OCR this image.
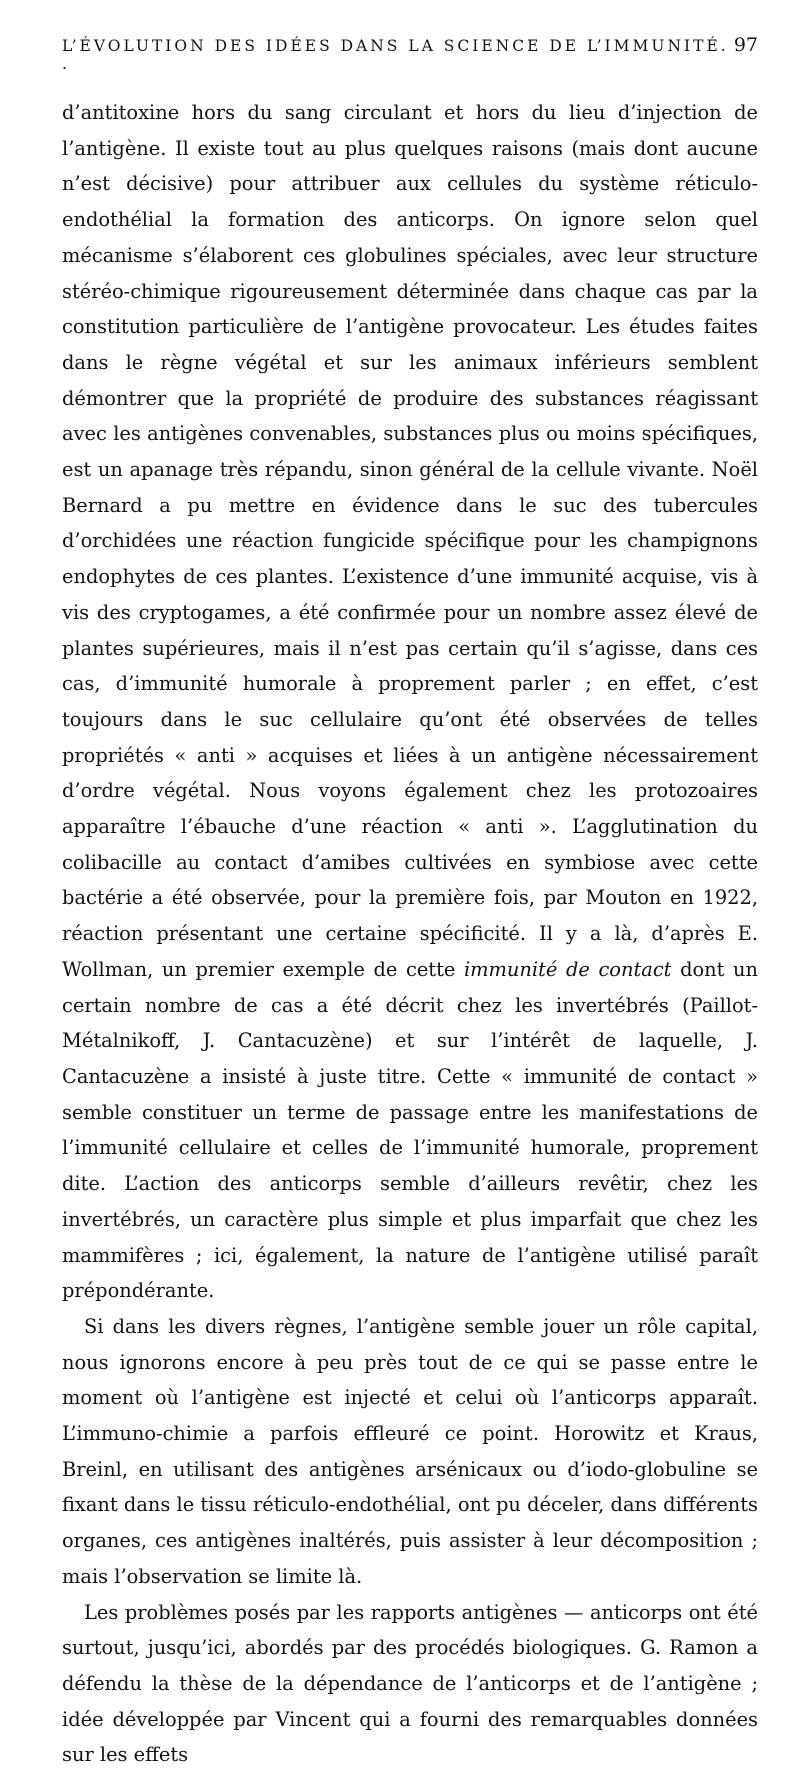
L’ÉVOLUTION DES IDÉES DANS LA SCIENCE DE L’IMMUNITÉ. .
97

d’antitoxine hors du sang circulant et hors du lieu d’injection de l’antigène. Il existe tout au plus quelques raisons (mais dont aucune n’est décisive) pour attribuer aux cellules du système réticulo-endothélial la formation des anticorps. On ignore selon quel mécanisme s’élaborent ces globulines spéciales, avec leur structure stéréo-chimique rigoureusement déterminée dans chaque cas par la constitution particulière de l’antigène provocateur. Les études faites dans le règne végétal et sur les animaux inférieurs semblent démontrer que la propriété de produire des substances réagissant avec les antigènes convenables, substances plus ou moins spécifiques, est un apanage très répandu, sinon général de la cellule vivante. Noël Bernard a pu mettre en évidence dans le suc des tubercules d’orchidées une réaction fungicide spécifique pour les champignons endophytes de ces plantes. L’existence d’une immunité acquise, vis à vis des cryptogames, a été confirmée pour un nombre assez élevé de plantes supérieures, mais il n’est pas certain qu’il s’agisse, dans ces cas, d’immunité humorale à proprement parler ; en effet, c’est toujours dans le suc cellulaire qu’ont été observées de telles propriétés « anti » acquises et liées à un antigène nécessairement d’ordre végétal. Nous voyons également chez les protozoaires apparaître l’ébauche d’une réaction « anti ». L’agglutination du colibacille au contact d’amibes cultivées en symbiose avec cette bactérie a été observée, pour la première fois, par Mouton en 1922, réaction présentant une certaine spécificité. Il y a là, d’après E. Wollman, un premier exemple de cette immunité de contact dont un certain nombre de cas a été décrit chez les invertébrés (Paillot-Métalnikoff, J. Cantacuzène) et sur l’intérêt de laquelle, J. Cantacuzène a insisté à juste titre. Cette « immunité de contact » semble constituer un terme de passage entre les manifestations de l’immunité cellulaire et celles de l’immunité humorale, proprement dite. L’action des anticorps semble d’ailleurs revêtir, chez les invertébrés, un caractère plus simple et plus imparfait que chez les mammifères ; ici, également, la nature de l’antigène utilisé paraît prépondérante.

Si dans les divers règnes, l’antigène semble jouer un rôle capital, nous ignorons encore à peu près tout de ce qui se passe entre le moment où l’antigène est injecté et celui où l’anticorps apparaît. L’immuno-chimie a parfois effleuré ce point. Horowitz et Kraus, Breinl, en utilisant des antigènes arsénicaux ou d’iodo-globuline se fixant dans le tissu réticulo-endothélial, ont pu déceler, dans différents organes, ces antigènes inaltérés, puis assister à leur décomposition ; mais l’observation se limite là.

Les problèmes posés par les rapports antigènes — anticorps ont été surtout, jusqu’ici, abordés par des procédés biologiques. G. Ramon a défendu la thèse de la dépendance de l’anticorps et de l’antigène ; idée développée par Vincent qui a fourni des remarquables données sur les effets
